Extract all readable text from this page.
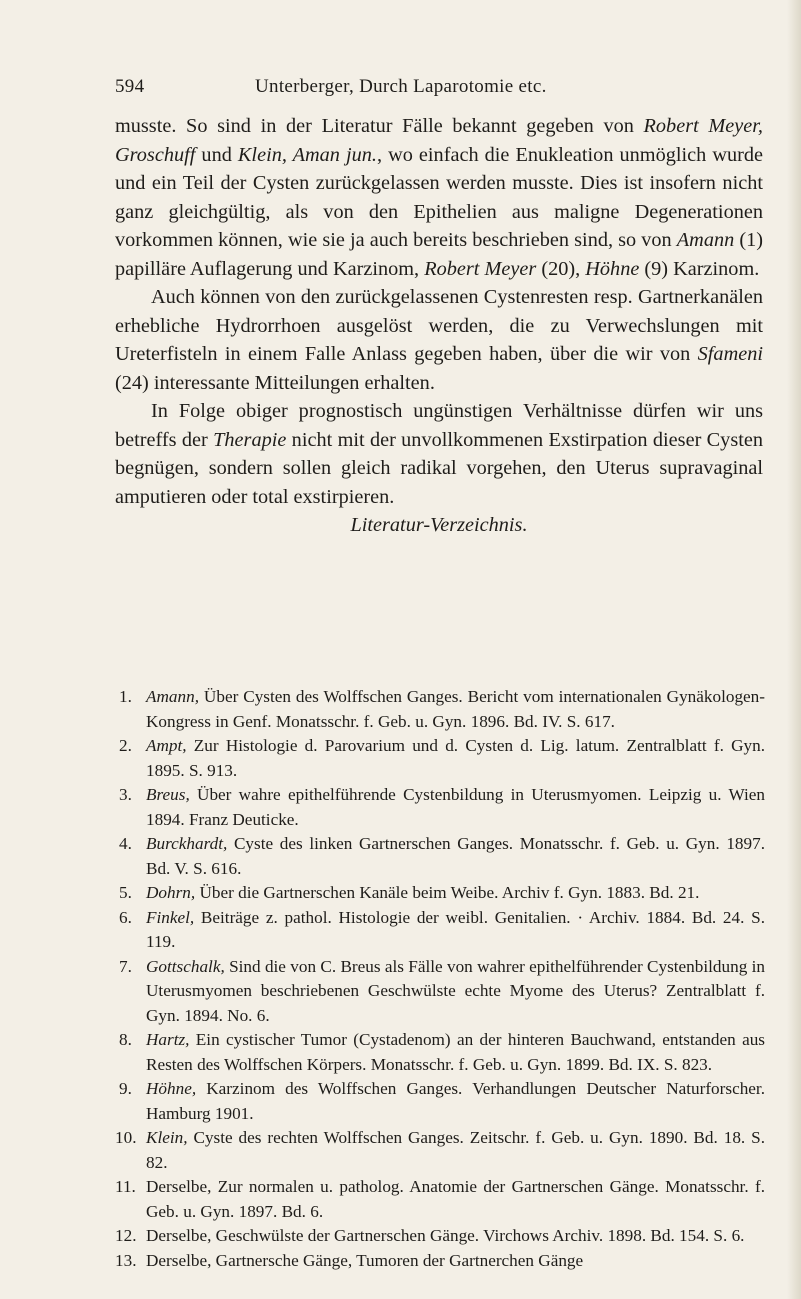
594	Unterberger, Durch Laparotomie etc.

musste. So sind in der Literatur Fälle bekannt gegeben von Robert Meyer, Groschuff und Klein, Aman jun., wo einfach die Enukleation unmöglich wurde und ein Teil der Cysten zurückgelassen werden musste. Dies ist insofern nicht ganz gleichgültig, als von den Epithelien aus maligne Degenerationen vorkommen können, wie sie ja auch bereits beschrieben sind, so von Amann (1) papilläre Auflagerung und Karzinom, Robert Meyer (20), Höhne (9) Karzinom.

Auch können von den zurückgelassenen Cystenresten resp. Gartnerkanälen erhebliche Hydrorrhoen ausgelöst werden, die zu Verwechslungen mit Ureterfisteln in einem Falle Anlass gegeben haben, über die wir von Sfameni (24) interessante Mitteilungen erhalten.

In Folge obiger prognostisch ungünstigen Verhältnisse dürfen wir uns betreffs der Therapie nicht mit der unvollkommenen Exstirpation dieser Cysten begnügen, sondern sollen gleich radikal vorgehen, den Uterus supravaginal amputieren oder total exstirpieren.

Literatur-Verzeichnis.

1. Amann, Über Cysten des Wolffschen Ganges. Bericht vom internationalen Gynäkologen-Kongress in Genf. Monatsschr. f. Geb. u. Gyn. 1896. Bd. IV. S. 617.

2. Ampt, Zur Histologie d. Parovarium und d. Cysten d. Lig. latum. Zentralblatt f. Gyn. 1895. S. 913.

3. Breus, Über wahre epithelführende Cystenbildung in Uterusmyomen. Leipzig u. Wien 1894. Franz Deuticke.

4. Burckhardt, Cyste des linken Gartnerschen Ganges. Monatsschr. f. Geb. u. Gyn. 1897. Bd. V. S. 616.

5. Dohrn, Über die Gartnerschen Kanäle beim Weibe. Archiv f. Gyn. 1883. Bd. 21.

6. Finkel, Beiträge z. pathol. Histologie der weibl. Genitalien. · Archiv. 1884. Bd. 24. S. 119.

7. Gottschalk, Sind die von C. Breus als Fälle von wahrer epithelführender Cystenbildung in Uterusmyomen beschriebenen Geschwülste echte Myome des Uterus? Zentralblatt f. Gyn. 1894. No. 6.

8. Hartz, Ein cystischer Tumor (Cystadenom) an der hinteren Bauchwand, entstanden aus Resten des Wolffschen Körpers. Monatsschr. f. Geb. u. Gyn. 1899. Bd. IX. S. 823.

9. Höhne, Karzinom des Wolffschen Ganges. Verhandlungen Deutscher Naturforscher. Hamburg 1901.

10. Klein, Cyste des rechten Wolffschen Ganges. Zeitschr. f. Geb. u. Gyn. 1890. Bd. 18. S. 82.

11. Derselbe, Zur normalen u. patholog. Anatomie der Gartnerschen Gänge. Monatsschr. f. Geb. u. Gyn. 1897. Bd. 6.

12. Derselbe, Geschwülste der Gartnerschen Gänge. Virchows Archiv. 1898. Bd. 154. S. 6.

13. Derselbe, Gartnersche Gänge, Tumoren der Gartnerchen Gänge
